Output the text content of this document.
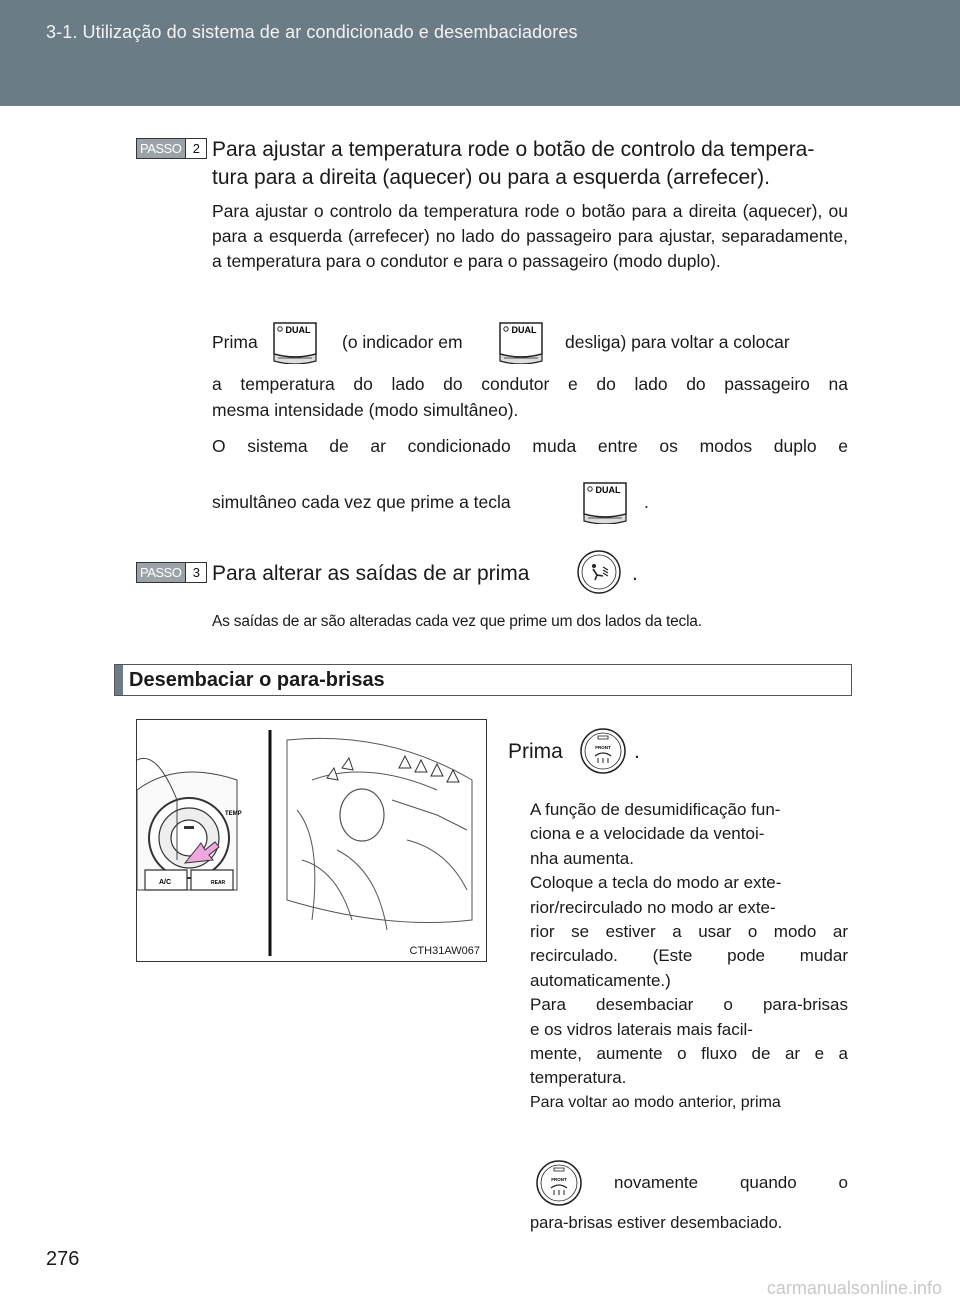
3-1. Utilização do sistema de ar condicionado e desembaciadores
PASSO 2 Para ajustar a temperatura rode o botão de controlo da tempera-
tura para a direita (aquecer) ou para a esquerda (arrefecer).
Para ajustar o controlo da temperatura rode o botão para a direita (aquecer), ou para a esquerda (arrefecer) no lado do passageiro para ajustar, separadamente, a temperatura para o condutor e para o passageiro (modo duplo).
Prima	(o indicador em	desliga) para voltar a colocar
DUAL	DUAL
a temperatura do lado do condutor e do lado do passageiro na
mesma intensidade (modo simultâneo).
O sistema de ar condicionado muda entre os modos duplo e
simultâneo cada vez que prime a tecla
DUAL
.
PASSO 3 Para alterar as saídas de ar prima	.
As saídas de ar são alteradas cada vez que prime um dos lados da tecla.
Desembaciar o para-brisas
TEMP
A/C	REAR
CTH31AW067
Prima	FRONT .
A função de desumidificação fun-
ciona e a velocidade da ventoi-
nha aumenta.
Coloque a tecla do modo ar exte-
rior/recirculado no modo ar exte-
rior se estiver a usar o modo ar
recirculado. (Este pode mudar
automaticamente.)
Para desembaciar o para-brisas
e os vidros laterais mais facil-
mente, aumente o fluxo de ar e a
temperatura.
Para voltar ao modo anterior, prima
FRONT	novamente quando o
para-brisas estiver desembaciado.
276
carmanualsonline.info
